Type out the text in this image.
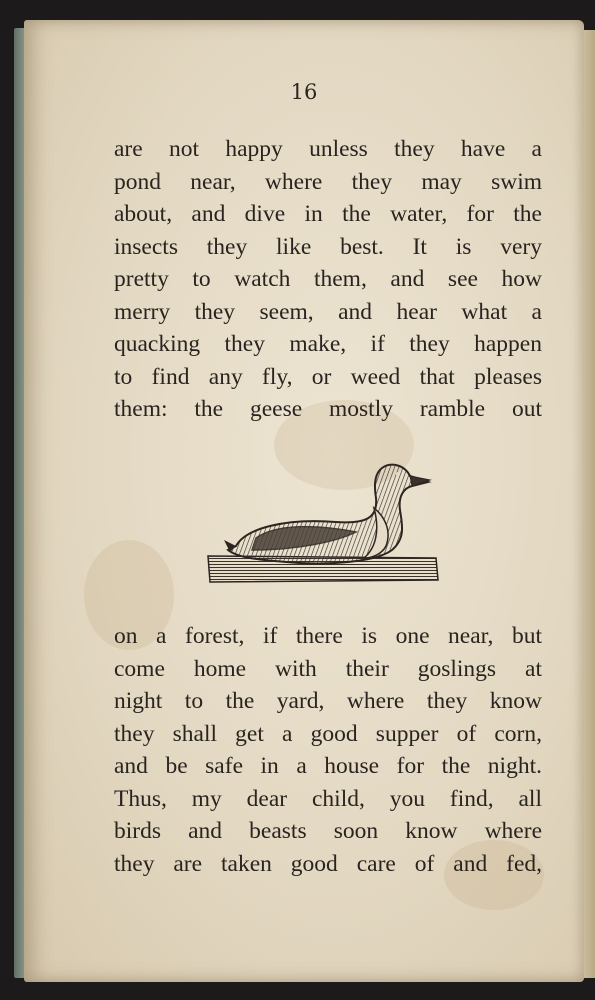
16

are not happy unless they have a
pond near, where they may swim
about, and dive in the water, for the
insects they like best. It is very
pretty to watch them, and see how
merry they seem, and hear what a
quacking they make, if they happen
to find any fly, or weed that pleases
them: the geese mostly ramble out
on a forest, if there is one near, but
come home with their goslings at
night to the yard, where they know
they shall get a good supper of corn,
and be safe in a house for the night.
Thus, my dear child, you find, all
birds and beasts soon know where
they are taken good care of and fed,
